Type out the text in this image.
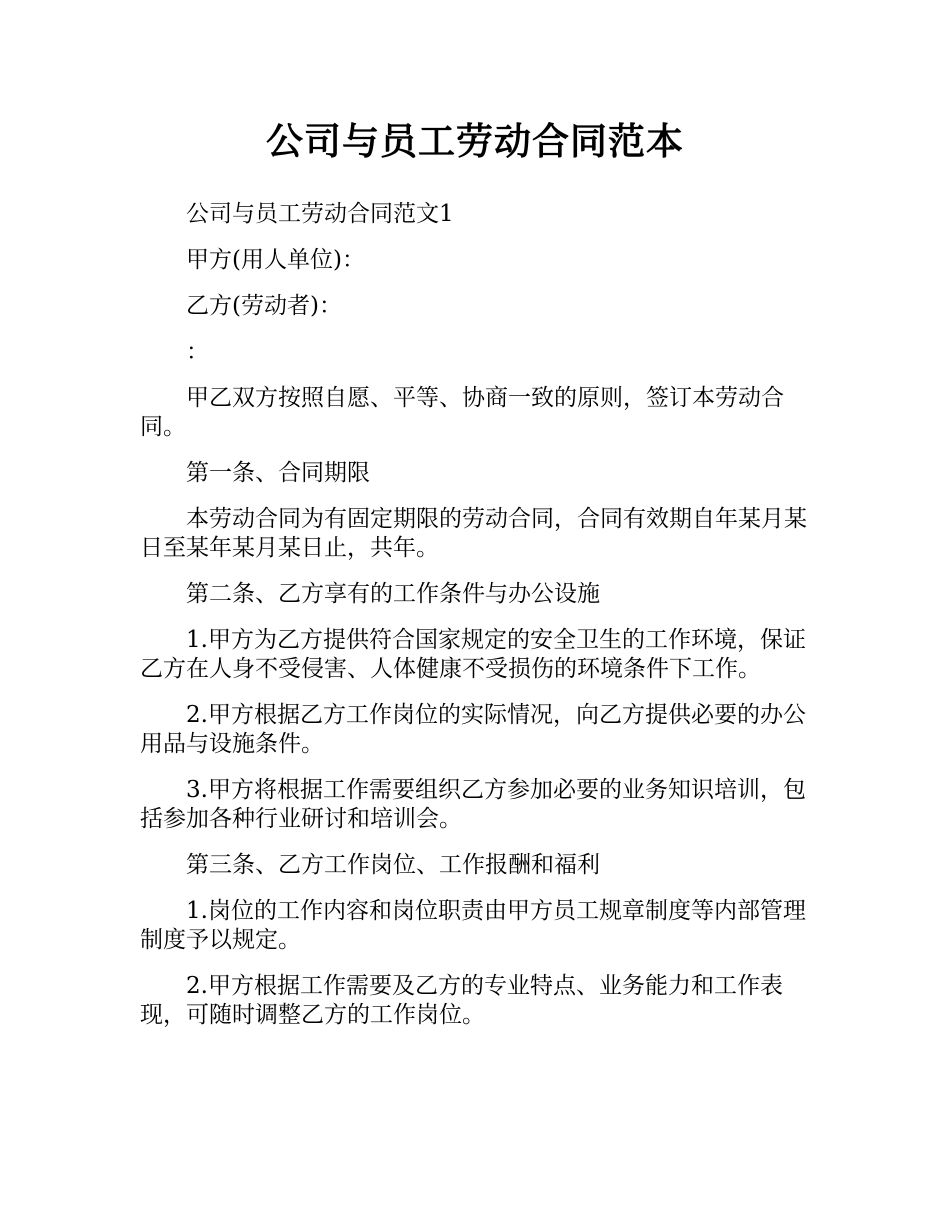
公司与员工劳动合同范本

公司与员工劳动合同范文1

甲方(用人单位)：

乙方(劳动者)：

：

甲乙双方按照自愿、平等、协商一致的原则，签订本劳动合同。

第一条、合同期限

本劳动合同为有固定期限的劳动合同，合同有效期自年某月某日至某年某月某日止，共年。

第二条、乙方享有的工作条件与办公设施

1.甲方为乙方提供符合国家规定的安全卫生的工作环境，保证乙方在人身不受侵害、人体健康不受损伤的环境条件下工作。

2.甲方根据乙方工作岗位的实际情况，向乙方提供必要的办公用品与设施条件。

3.甲方将根据工作需要组织乙方参加必要的业务知识培训，包括参加各种行业研讨和培训会。

第三条、乙方工作岗位、工作报酬和福利

1.岗位的工作内容和岗位职责由甲方员工规章制度等内部管理制度予以规定。

2.甲方根据工作需要及乙方的专业特点、业务能力和工作表现，可随时调整乙方的工作岗位。
